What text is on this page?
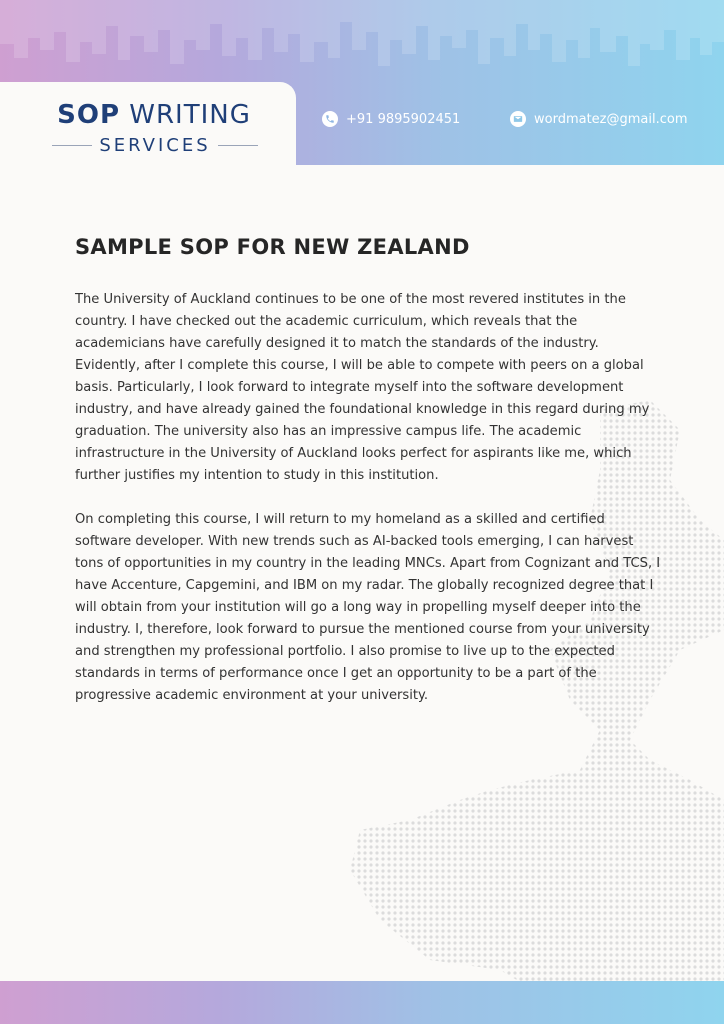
+91 9895902451	wordmatez@gmail.com
SOP WRITING
SERVICES
SAMPLE SOP FOR NEW ZEALAND

The University of Auckland continues to be one of the most revered institutes in the country. I have checked out the academic curriculum, which reveals that the academicians have carefully designed it to match the standards of the industry. Evidently, after I complete this course, I will be able to compete with peers on a global basis. Particularly, I look forward to integrate myself into the software development industry, and have already gained the foundational knowledge in this regard during my graduation. The university also has an impressive campus life. The academic infrastructure in the University of Auckland looks perfect for aspirants like me, which further justifies my intention to study in this institution.

On completing this course, I will return to my homeland as a skilled and certified software developer. With new trends such as AI-backed tools emerging, I can harvest tons of opportunities in my country in the leading MNCs. Apart from Cognizant and TCS, I have Accenture, Capgemini, and IBM on my radar. The globally recognized degree that I will obtain from your institution will go a long way in propelling myself deeper into the industry. I, therefore, look forward to pursue the mentioned course from your university and strengthen my professional portfolio. I also promise to live up to the expected standards in terms of performance once I get an opportunity to be a part of the progressive academic environment at your university.
